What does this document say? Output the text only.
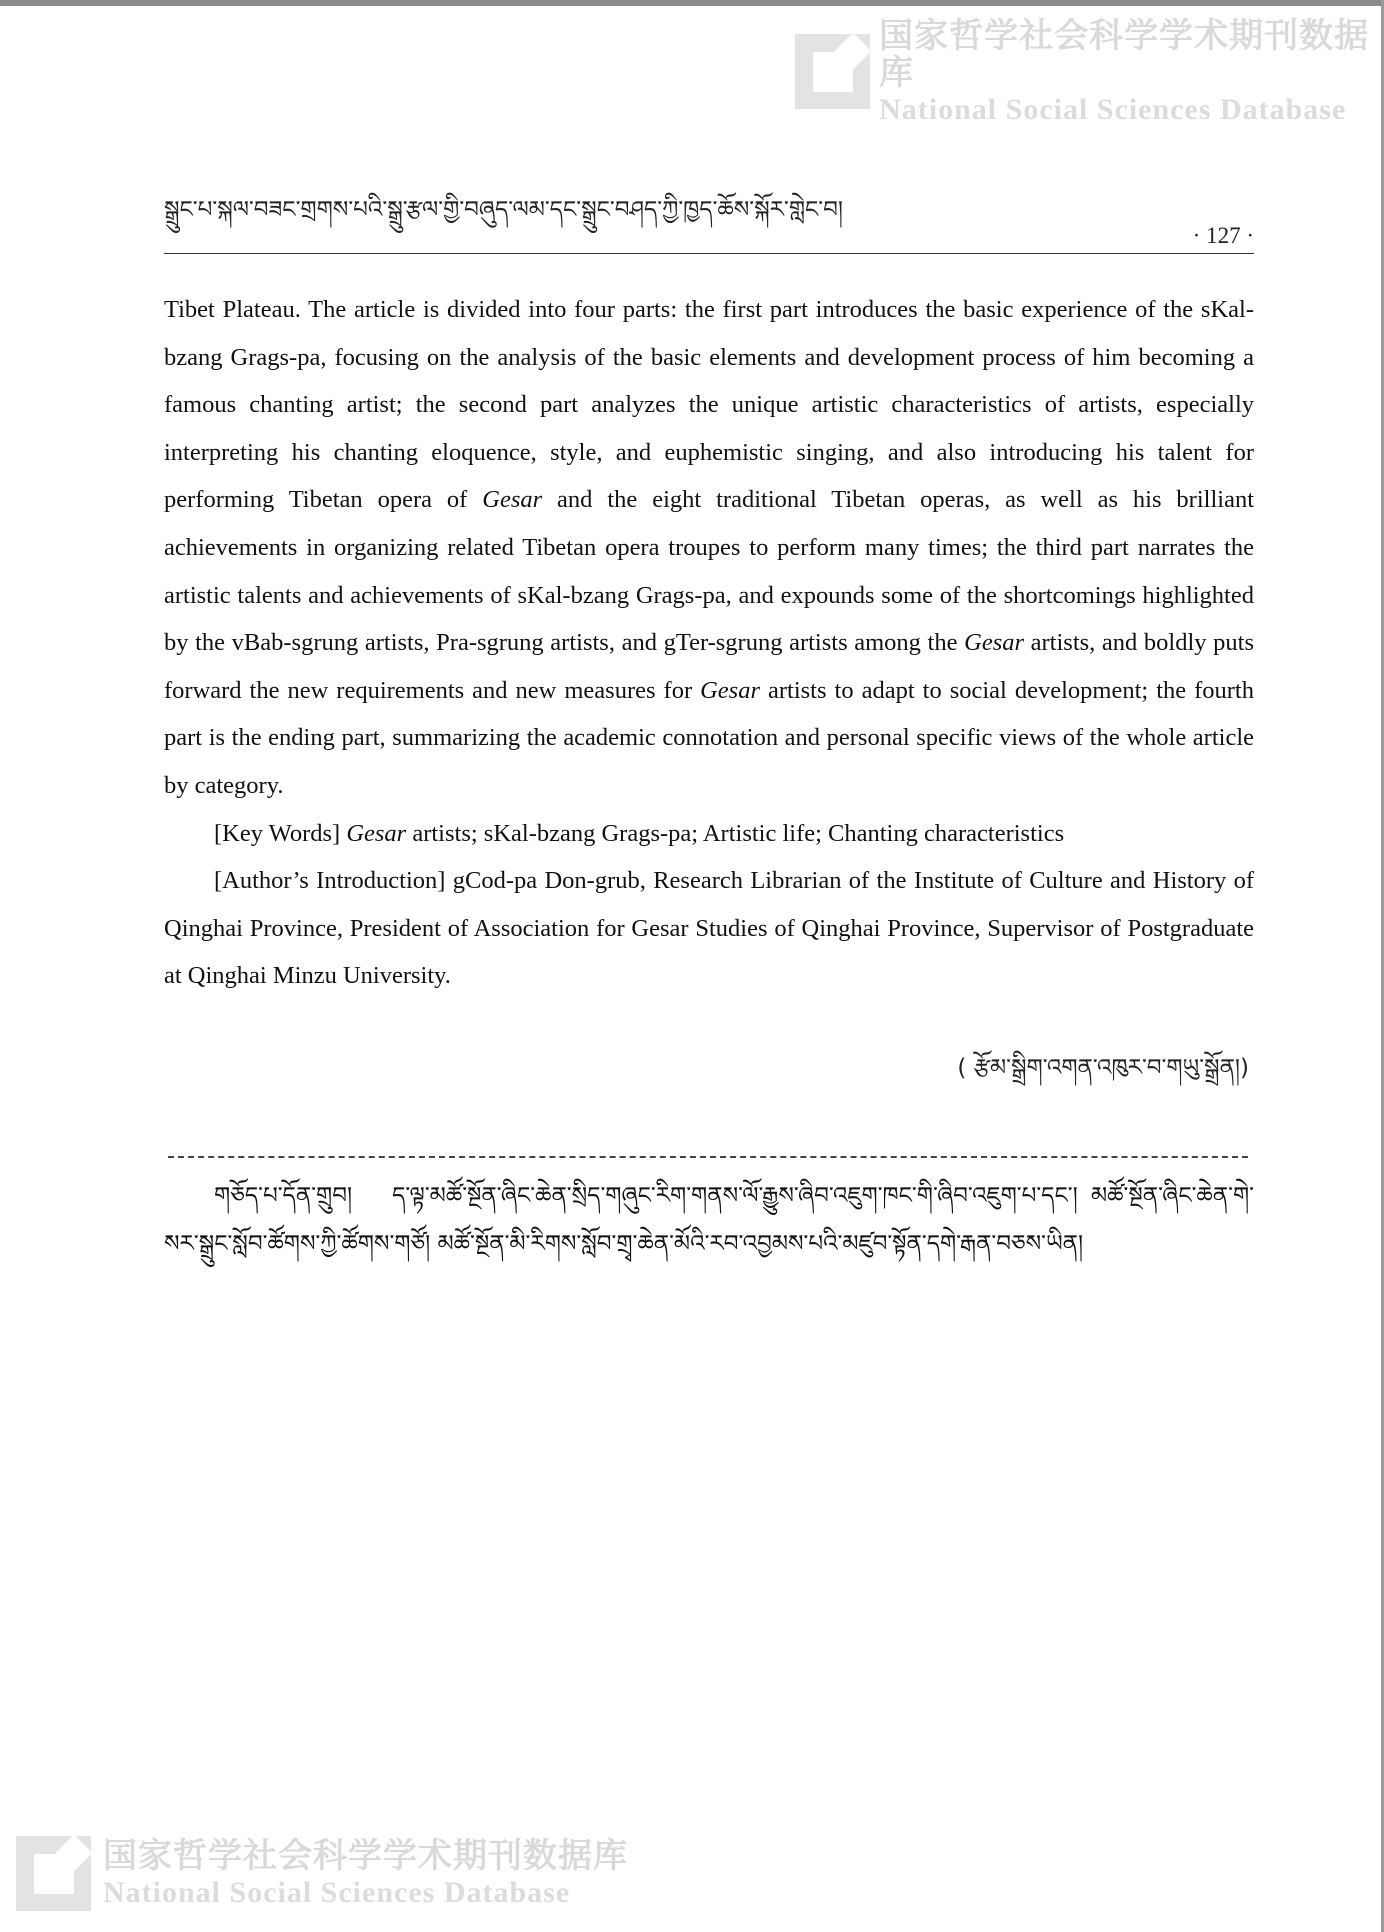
国家哲学社会科学学术期刊数据库
National Social Sciences Database
སྒྲུང་པ་སྐལ་བཟང་གྲགས་པའི་སྒྲུ་རྩལ་གྱི་བཞུད་ལམ་དང་སྒྲུང་བཤད་ཀྱི་ཁྱད་ཆོས་སྐོར་གླེང་བ།
· 127 ·

Tibet Plateau. The article is divided into four parts: the first part introduces the basic experience of the sKal-bzang Grags-pa, focusing on the analysis of the basic elements and development process of him becoming a famous chanting artist; the second part analyzes the unique artistic characteristics of artists, especially interpreting his chanting eloquence, style, and euphemistic singing, and also introducing his talent for performing Tibetan opera of Gesar and the eight traditional Tibetan operas, as well as his brilliant achievements in organizing related Tibetan opera troupes to perform many times; the third part narrates the artistic talents and achievements of sKal-bzang Grags-pa, and expounds some of the shortcomings highlighted by the vBab-sgrung artists, Pra-sgrung artists, and gTer-sgrung artists among the Gesar artists, and boldly puts forward the new requirements and new measures for Gesar artists to adapt to social development; the fourth part is the ending part, summarizing the academic connotation and personal specific views of the whole article by category.

[Key Words] Gesar artists; sKal-bzang Grags-pa; Artistic life; Chanting characteristics

[Author’s Introduction] gCod-pa Don-grub, Research Librarian of the Institute of Culture and History of Qinghai Province, President of Association for Gesar Studies of Qinghai Province, Supervisor of Postgraduate at Qinghai Minzu University.

( རྩོམ་སྒྲིག་འགན་འཁུར་བ་གཡུ་སྒྲོན།)
གཅོད་པ་དོན་གྲུབ། ད་ལྟ་མཚོ་སྔོན་ཞིང་ཆེན་སྲིད་གཞུང་རིག་གནས་ལོ་རྒྱུས་ཞིབ་འཇུག་ཁང་གི་ཞིབ་འཇུག་པ་དང་། མཚོ་སྔོན་ཞིང་ཆེན་གེ་སར་སྒྲུང་སློབ་ཚོགས་ཀྱི་ཚོགས་གཙོ། མཚོ་སྔོན་མི་རིགས་སློབ་གྲྭ་ཆེན་མོའི་རབ་འབྱམས་པའི་མཛུབ་སྟོན་དགེ་རྒན་བཅས་ཡིན།
国家哲学社会科学学术期刊数据库
National Social Sciences Database
